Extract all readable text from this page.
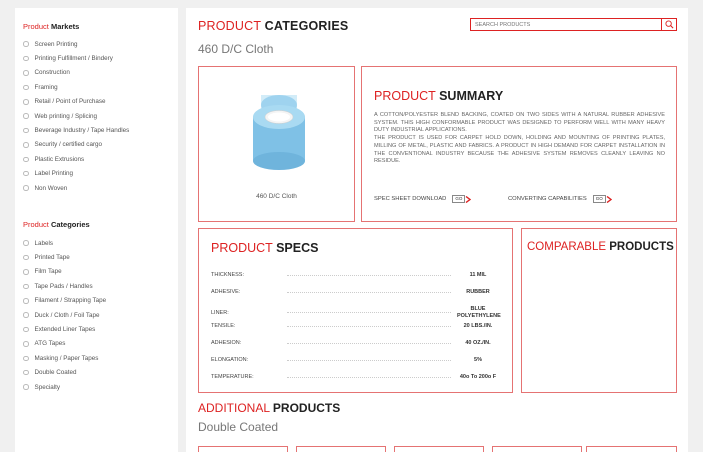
Product Markets
Screen Printing
Printing Fulfillment / Bindery
Construction
Framing
Retail / Point of Purchase
Web printing / Splicing
Beverage Industry / Tape Handles
Security / certified cargo
Plastic Extrusions
Label Printing
Non Woven
Product Categories
Labels
Printed Tape
Film Tape
Tape Pads / Handles
Filament / Strapping Tape
Duck / Cloth / Foil Tape
Extended Liner Tapes
ATG Tapes
Masking / Paper Tapes
Double Coated
Specialty
PRODUCT CATEGORIES
460 D/C Cloth
SEARCH PRODUCTS
460 D/C Cloth
PRODUCT SUMMARY
A COTTON/POLYESTER BLEND BACKING, COATED ON TWO SIDES WITH A NATURAL RUBBER ADHESIVE SYSTEM. THIS HIGH CONFORMABLE PRODUCT WAS DESIGNED TO PERFORM WELL WITH MANY HEAVY DUTY INDUSTRIAL APPLICATIONS.
THE PRODUCT IS USED FOR CARPET HOLD DOWN, HOLDING AND MOUNTING OF PRINTING PLATES, MILLING OF METAL, PLASTIC AND FABRICS. A PRODUCT IN HIGH DEMAND FOR CARPET INSTALLATION IN THE CONVENTIONAL INDUSTRY BECAUSE THE ADHESIVE SYSTEM REMOVES CLEANLY LEAVING NO RESIDUE.
SPEC SHEET DOWNLOAD	GO	CONVERTING CAPABILITIES	GO
PRODUCT SPECS
THICKNESS:	11 MIL
ADHESIVE:	RUBBER
LINER:
BLUE POLYETHYLENE
TENSILE:	20 LBS./IN.
ADHESION:	40 OZ./IN.
ELONGATION:	5%
TEMPERATURE:	40o To 200o F
COMPARABLE PRODUCTS
ADDITIONAL PRODUCTS
Double Coated
